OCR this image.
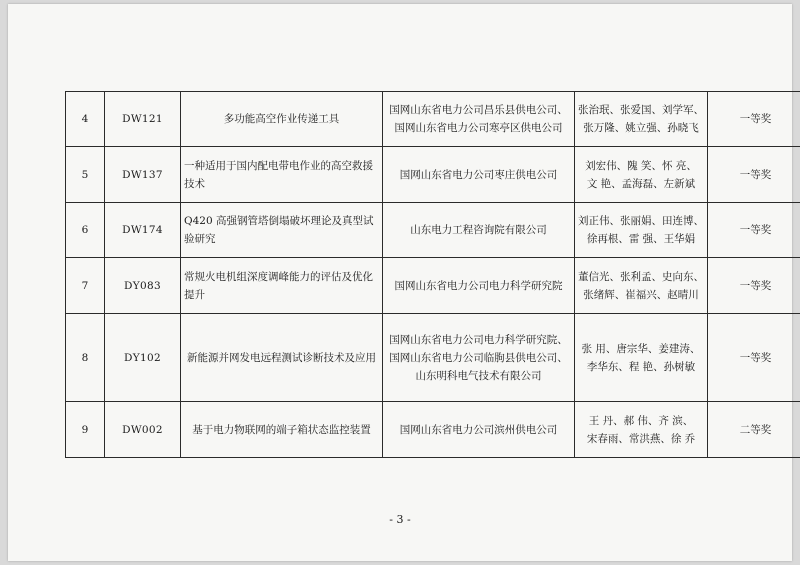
4	DW121	多功能高空作业传递工具	国网山东省电力公司昌乐县供电公司、
国网山东省电力公司寒亭区供电公司	张治珉、张爱国、刘学军、
张万隆、姚立强、孙晓飞	一等奖
5	DW137	一种适用于国内配电带电作业的高空救援技术	国网山东省电力公司枣庄供电公司	刘宏伟、隗 笑、怀 亮、
文 艳、孟海磊、左新斌	一等奖
6	DW174	Q420 高强钢管塔倒塌破坏理论及真型试验研究	山东电力工程咨询院有限公司	刘正伟、张丽娟、田连博、
徐再根、雷 强、王华娟	一等奖
7	DY083	常规火电机组深度调峰能力的评估及优化提升	国网山东省电力公司电力科学研究院	董信光、张利孟、史向东、
张绪辉、崔福兴、赵晴川	一等奖
8	DY102	新能源并网发电远程测试诊断技术及应用	国网山东省电力公司电力科学研究院、
国网山东省电力公司临朐县供电公司、
山东明科电气技术有限公司	张 用、唐宗华、姜建涛、
李华东、程 艳、孙树敏	一等奖
9	DW002	基于电力物联网的端子箱状态监控装置	国网山东省电力公司滨州供电公司	王 丹、郝 伟、齐 滨、
宋春雨、常洪燕、徐 乔	二等奖
- 3 -
